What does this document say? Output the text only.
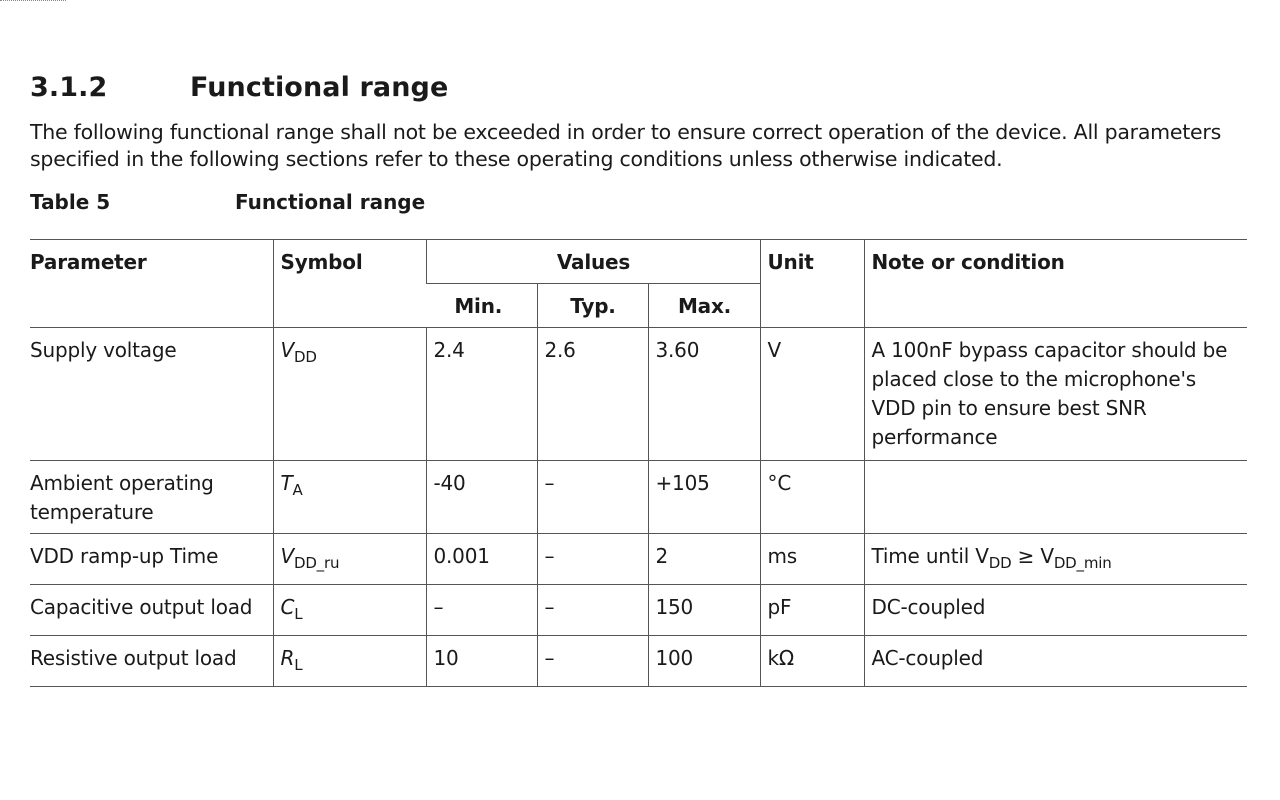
3.1.2	Functional range

The following functional range shall not be exceeded in order to ensure correct operation of the device. All parameters specified in the following sections refer to these operating conditions unless otherwise indicated.

Table 5	Functional range
Parameter	Symbol	Values			Unit	Note or condition
		Min.	Typ.	Max.		
Supply voltage	$V_{DD}$	2.4	2.6	3.60	V	A 100nF bypass capacitor should be placed close to the microphone's VDD pin to ensure best SNR performance
Ambient operating temperature	$T_A$	-40	–	+105	°C	
VDD ramp-up Time	$V_{DD\_ru}$	0.001	–	2	ms	Time until $V_{DD} \ge V_{DD\_min}$
Capacitive output load	$C_L$	–	–	150	pF	DC-coupled
Resistive output load	$R_L$	10	–	100	kΩ	AC-coupled
